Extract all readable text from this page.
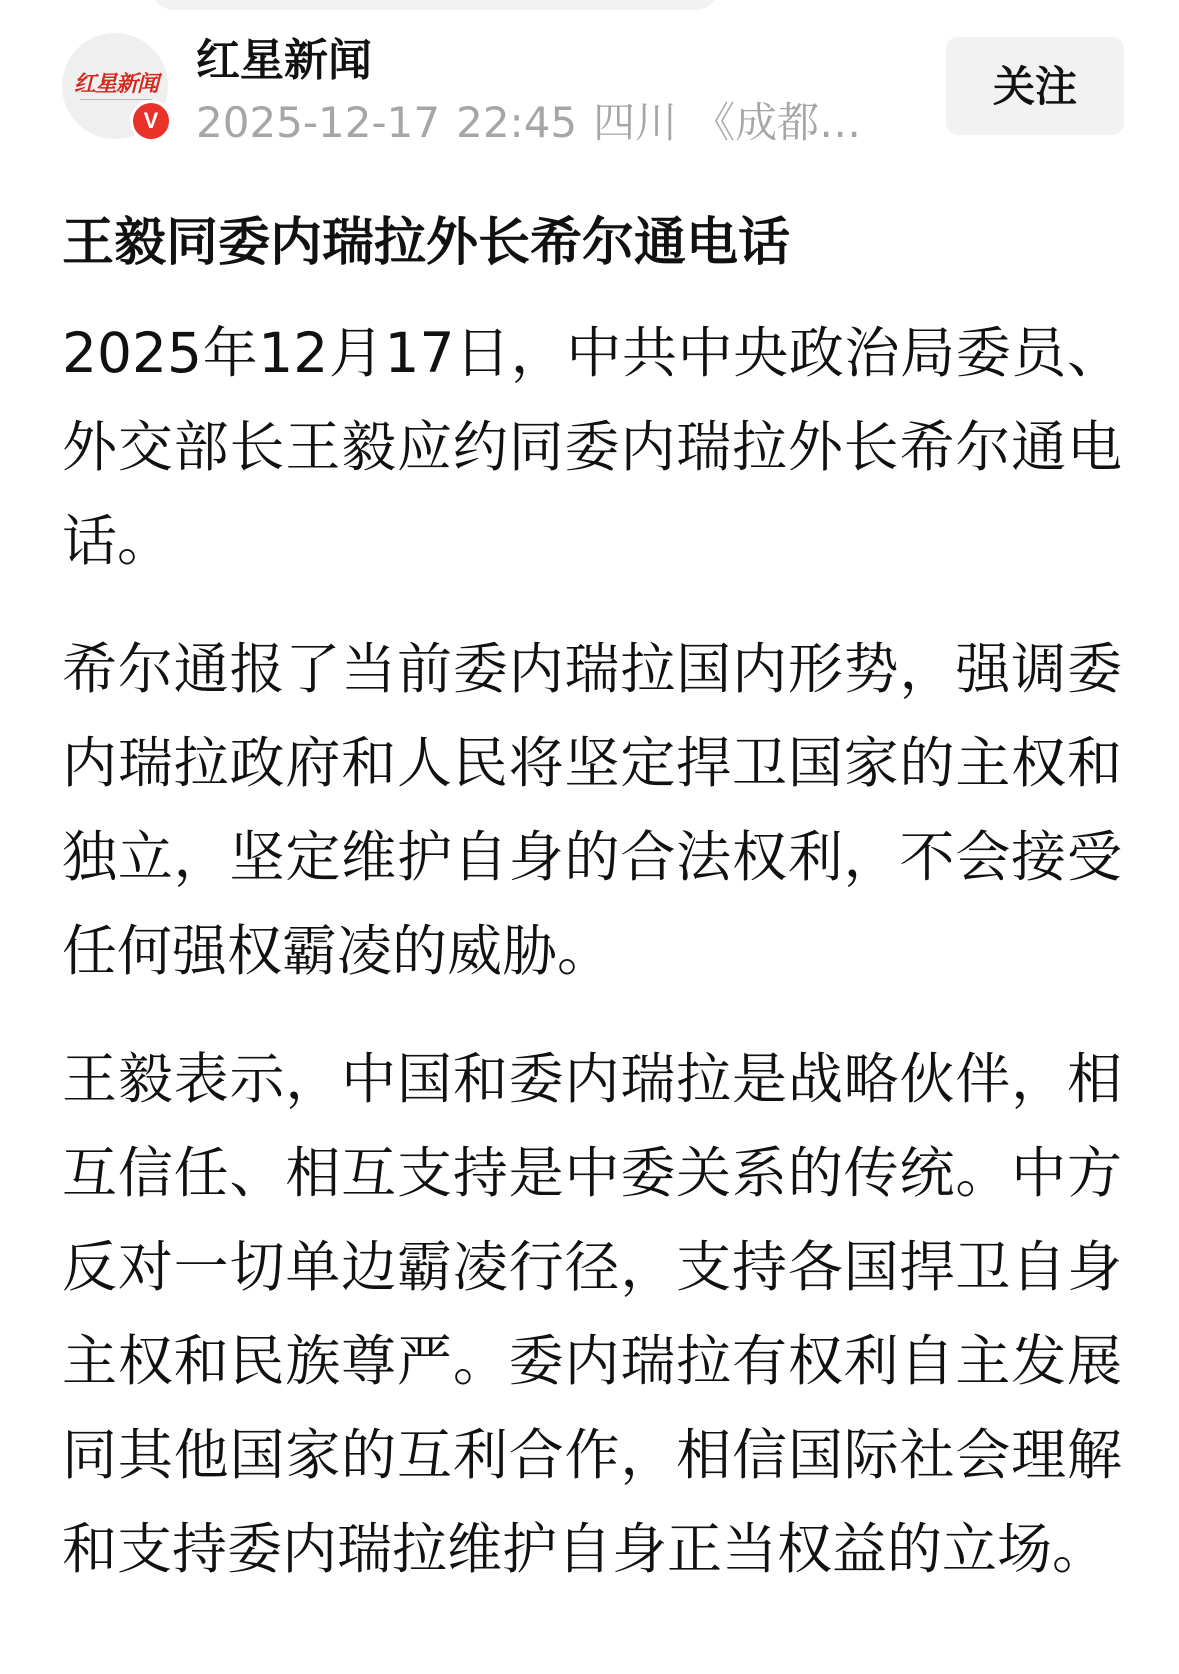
红星新闻
V
红星新闻
2025-12-17 22:45 四川 《成都…
关注
王毅同委内瑞拉外长希尔通电话

2025年12月17日，中共中央政治局委员、外交部长王毅应约同委内瑞拉外长希尔通电话。

希尔通报了当前委内瑞拉国内形势，强调委内瑞拉政府和人民将坚定捍卫国家的主权和独立，坚定维护自身的合法权利，不会接受任何强权霸凌的威胁。

王毅表示，中国和委内瑞拉是战略伙伴，相互信任、相互支持是中委关系的传统。中方反对一切单边霸凌行径，支持各国捍卫自身主权和民族尊严。委内瑞拉有权利自主发展同其他国家的互利合作，相信国际社会理解和支持委内瑞拉维护自身正当权益的立场。
